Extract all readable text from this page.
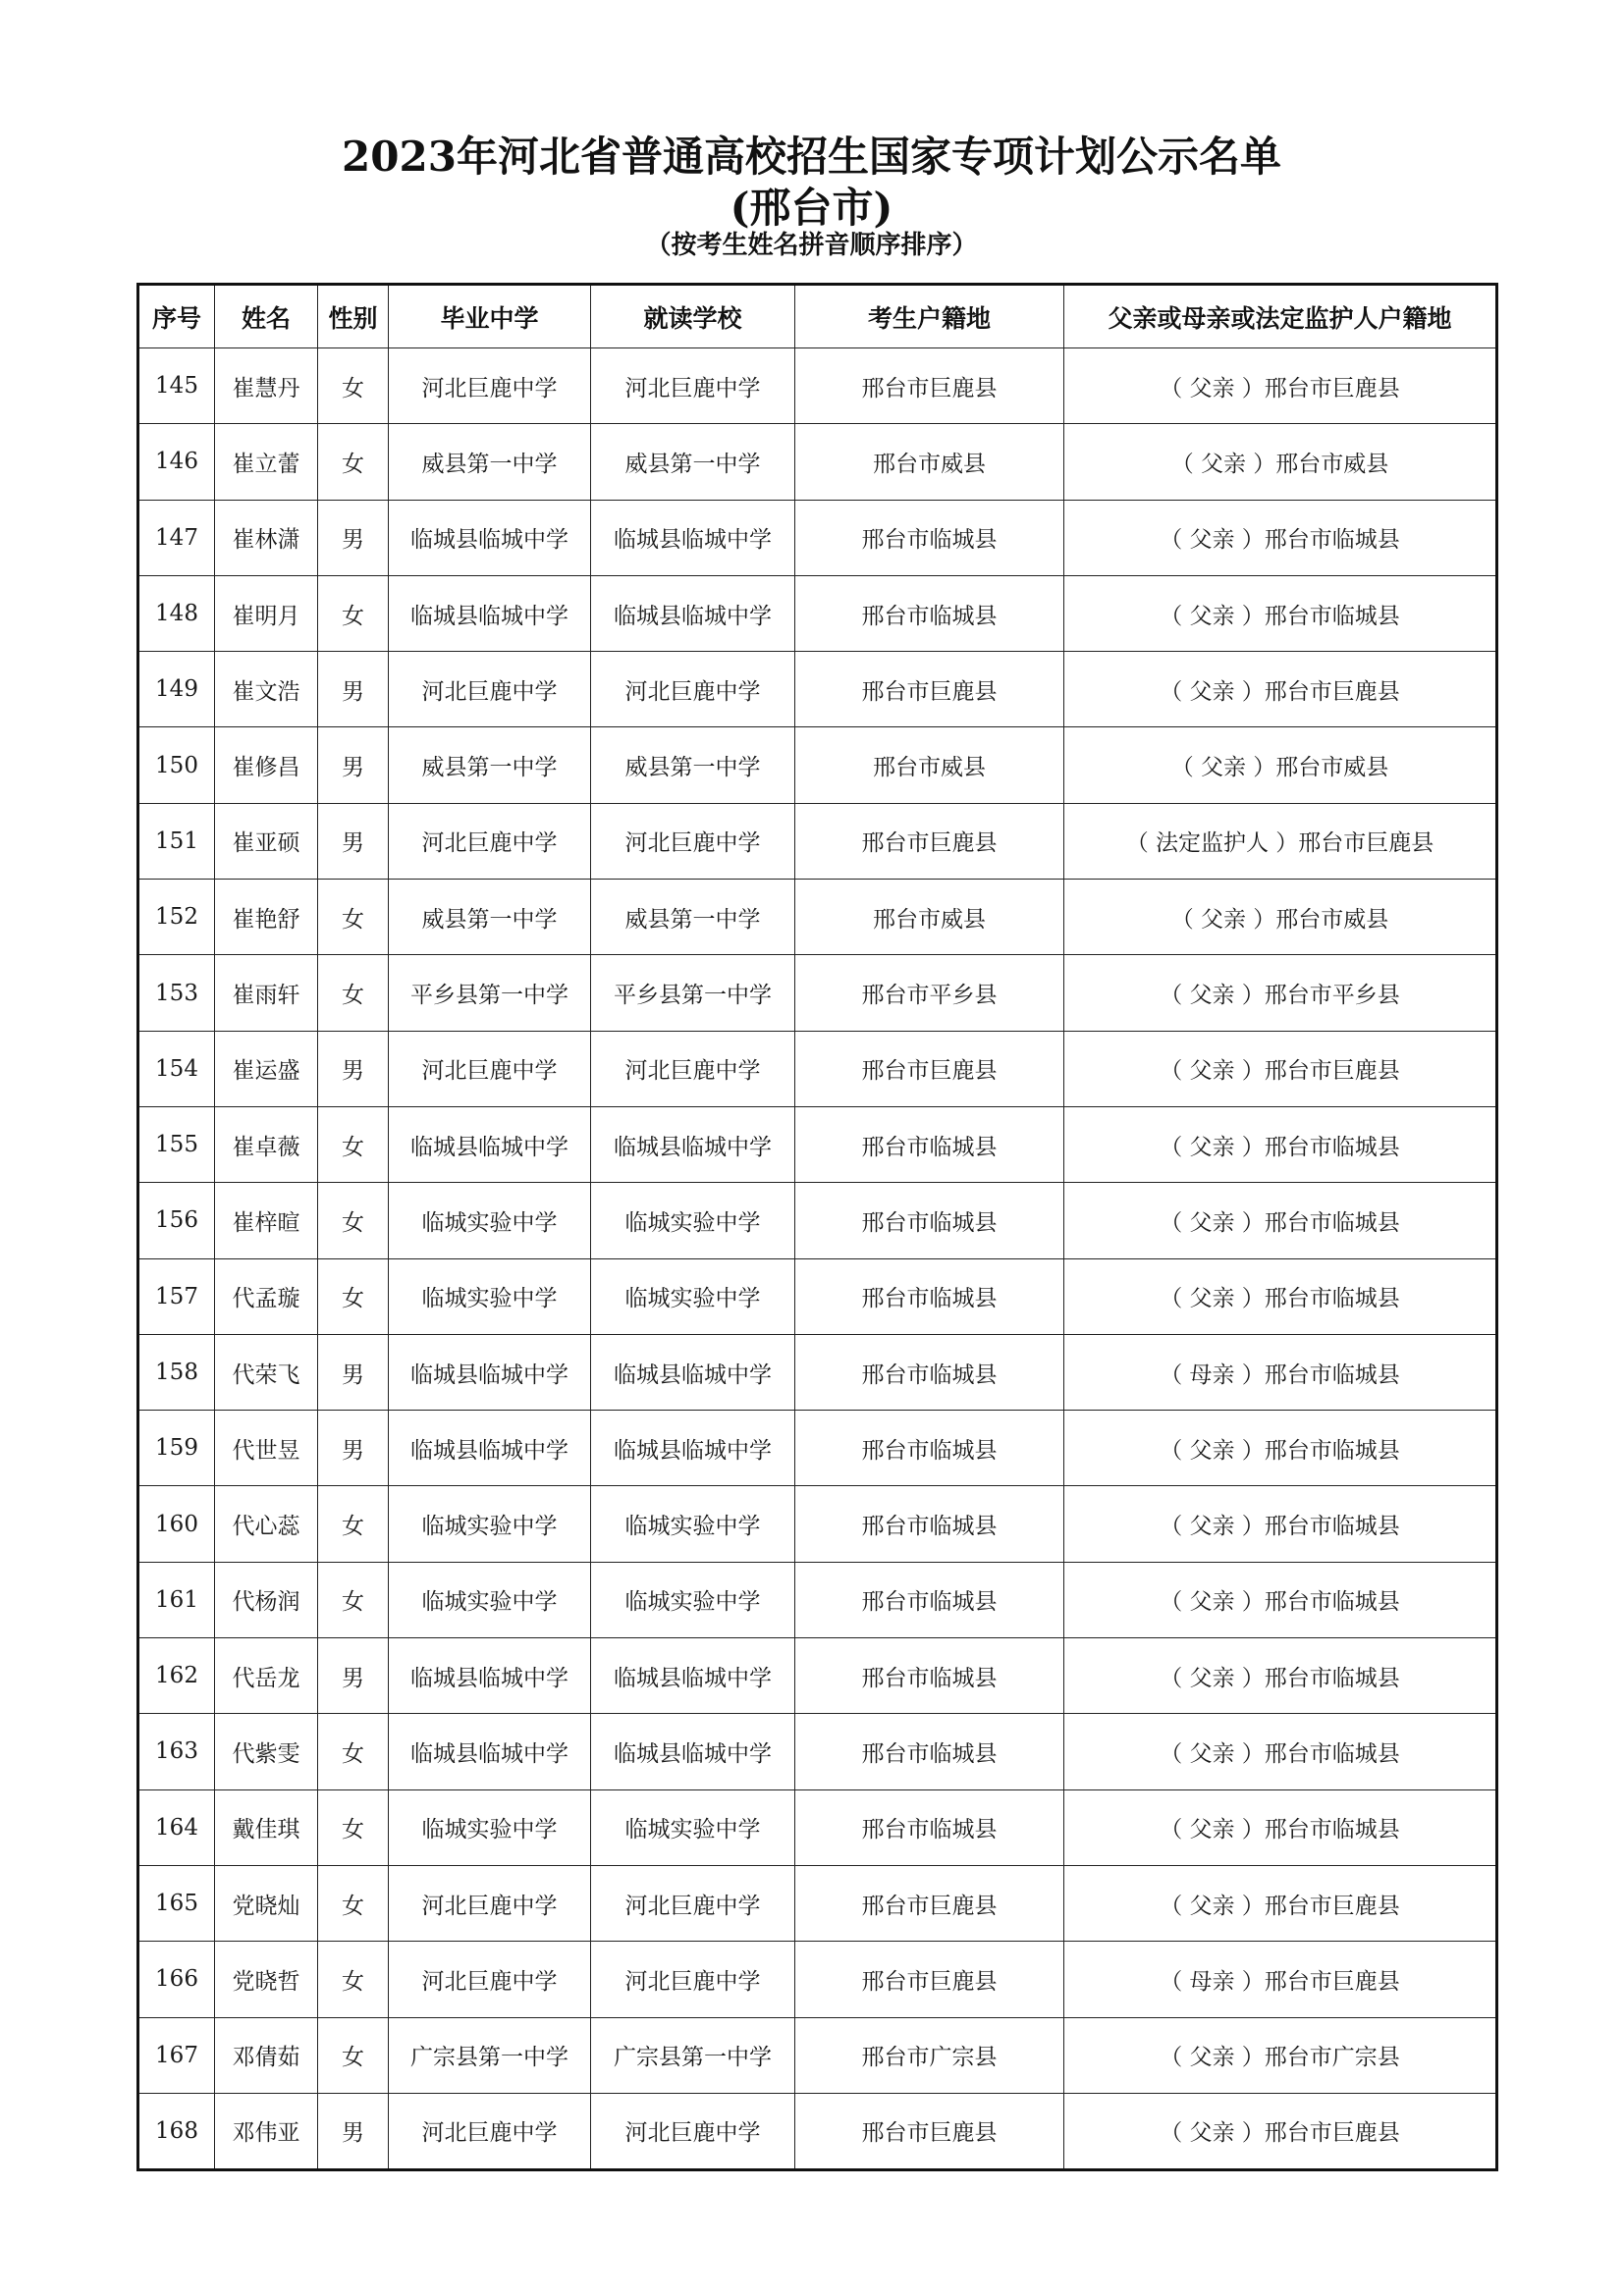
2023年河北省普通高校招生国家专项计划公示名单
(邢台市)
（按考生姓名拼音顺序排序）
序号	姓名	性别	毕业中学	就读学校	考生户籍地	父亲或母亲或法定监护人户籍地
145	崔慧丹	女	河北巨鹿中学	河北巨鹿中学	邢台市巨鹿县	（ 父亲 ）邢台市巨鹿县
146	崔立蕾	女	威县第一中学	威县第一中学	邢台市威县	（ 父亲 ）邢台市威县
147	崔林潇	男	临城县临城中学	临城县临城中学	邢台市临城县	（ 父亲 ）邢台市临城县
148	崔明月	女	临城县临城中学	临城县临城中学	邢台市临城县	（ 父亲 ）邢台市临城县
149	崔文浩	男	河北巨鹿中学	河北巨鹿中学	邢台市巨鹿县	（ 父亲 ）邢台市巨鹿县
150	崔修昌	男	威县第一中学	威县第一中学	邢台市威县	（ 父亲 ）邢台市威县
151	崔亚硕	男	河北巨鹿中学	河北巨鹿中学	邢台市巨鹿县	（ 法定监护人 ）邢台市巨鹿县
152	崔艳舒	女	威县第一中学	威县第一中学	邢台市威县	（ 父亲 ）邢台市威县
153	崔雨轩	女	平乡县第一中学	平乡县第一中学	邢台市平乡县	（ 父亲 ）邢台市平乡县
154	崔运盛	男	河北巨鹿中学	河北巨鹿中学	邢台市巨鹿县	（ 父亲 ）邢台市巨鹿县
155	崔卓薇	女	临城县临城中学	临城县临城中学	邢台市临城县	（ 父亲 ）邢台市临城县
156	崔梓暄	女	临城实验中学	临城实验中学	邢台市临城县	（ 父亲 ）邢台市临城县
157	代孟璇	女	临城实验中学	临城实验中学	邢台市临城县	（ 父亲 ）邢台市临城县
158	代荣飞	男	临城县临城中学	临城县临城中学	邢台市临城县	（ 母亲 ）邢台市临城县
159	代世昱	男	临城县临城中学	临城县临城中学	邢台市临城县	（ 父亲 ）邢台市临城县
160	代心蕊	女	临城实验中学	临城实验中学	邢台市临城县	（ 父亲 ）邢台市临城县
161	代杨润	女	临城实验中学	临城实验中学	邢台市临城县	（ 父亲 ）邢台市临城县
162	代岳龙	男	临城县临城中学	临城县临城中学	邢台市临城县	（ 父亲 ）邢台市临城县
163	代紫雯	女	临城县临城中学	临城县临城中学	邢台市临城县	（ 父亲 ）邢台市临城县
164	戴佳琪	女	临城实验中学	临城实验中学	邢台市临城县	（ 父亲 ）邢台市临城县
165	党晓灿	女	河北巨鹿中学	河北巨鹿中学	邢台市巨鹿县	（ 父亲 ）邢台市巨鹿县
166	党晓哲	女	河北巨鹿中学	河北巨鹿中学	邢台市巨鹿县	（ 母亲 ）邢台市巨鹿县
167	邓倩茹	女	广宗县第一中学	广宗县第一中学	邢台市广宗县	（ 父亲 ）邢台市广宗县
168	邓伟亚	男	河北巨鹿中学	河北巨鹿中学	邢台市巨鹿县	（ 父亲 ）邢台市巨鹿县
